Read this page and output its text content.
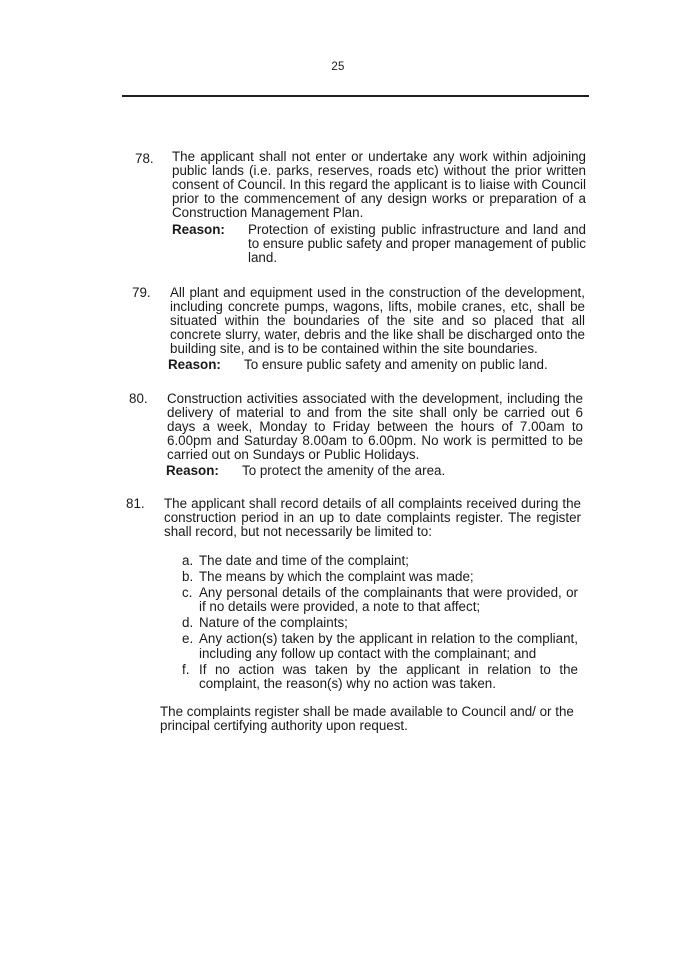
25
78. The applicant shall not enter or undertake any work within adjoining public lands (i.e. parks, reserves, roads etc) without the prior written consent of Council. In this regard the applicant is to liaise with Council prior to the commencement of any design works or preparation of a Construction Management Plan.
Reason: Protection of existing public infrastructure and land and to ensure public safety and proper management of public land.
79. All plant and equipment used in the construction of the development, including concrete pumps, wagons, lifts, mobile cranes, etc, shall be situated within the boundaries of the site and so placed that all concrete slurry, water, debris and the like shall be discharged onto the building site, and is to be contained within the site boundaries.
Reason: To ensure public safety and amenity on public land.
80. Construction activities associated with the development, including the delivery of material to and from the site shall only be carried out 6 days a week, Monday to Friday between the hours of 7.00am to 6.00pm and Saturday 8.00am to 6.00pm. No work is permitted to be carried out on Sundays or Public Holidays.
Reason: To protect the amenity of the area.
81. The applicant shall record details of all complaints received during the construction period in an up to date complaints register. The register shall record, but not necessarily be limited to:
a. The date and time of the complaint;
b. The means by which the complaint was made;
c. Any personal details of the complainants that were provided, or if no details were provided, a note to that affect;
d. Nature of the complaints;
e. Any action(s) taken by the applicant in relation to the compliant, including any follow up contact with the complainant; and
f. If no action was taken by the applicant in relation to the complaint, the reason(s) why no action was taken.
The complaints register shall be made available to Council and/ or the principal certifying authority upon request.
